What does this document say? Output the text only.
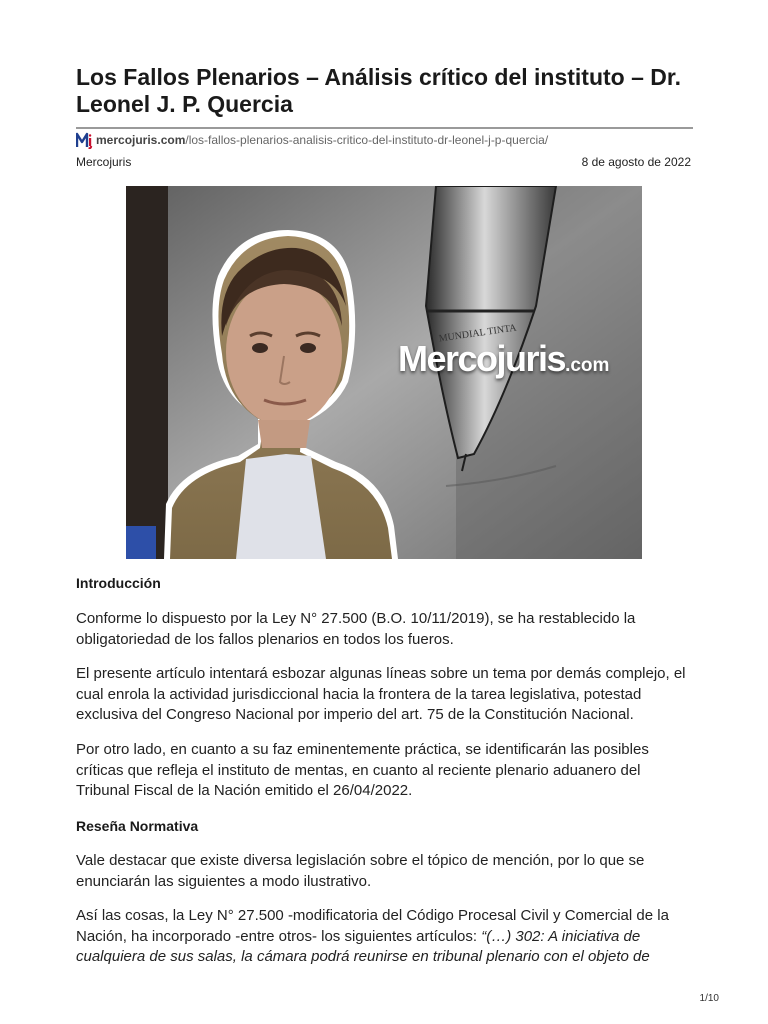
Los Fallos Plenarios – Análisis crítico del instituto – Dr. Leonel J. P. Quercia
mercojuris.com /los-fallos-plenarios-analisis-critico-del-instituto-dr-leonel-j-p-quercia/
Mercojuris	8 de agosto de 2022
MUNDIAL TINTA
Mercojuris.com
Introducción

Conforme lo dispuesto por la Ley N° 27.500 (B.O. 10/11/2019), se ha restablecido la obligatoriedad de los fallos plenarios en todos los fueros.

El presente artículo intentará esbozar algunas líneas sobre un tema por demás complejo, el cual enrola la actividad jurisdiccional hacia la frontera de la tarea legislativa, potestad exclusiva del Congreso Nacional por imperio del art. 75 de la Constitución Nacional.

Por otro lado, en cuanto a su faz eminentemente práctica, se identificarán las posibles críticas que refleja el instituto de mentas, en cuanto al reciente plenario aduanero del Tribunal Fiscal de la Nación emitido el 26/04/2022.

Reseña Normativa

Vale destacar que existe diversa legislación sobre el tópico de mención, por lo que se enunciarán las siguientes a modo ilustrativo.

Así las cosas, la Ley N° 27.500 -modificatoria del Código Procesal Civil y Comercial de la Nación, ha incorporado -entre otros- los siguientes artículos: “(…) 302: A iniciativa de cualquiera de sus salas, la cámara podrá reunirse en tribunal plenario con el objeto de

1/10
